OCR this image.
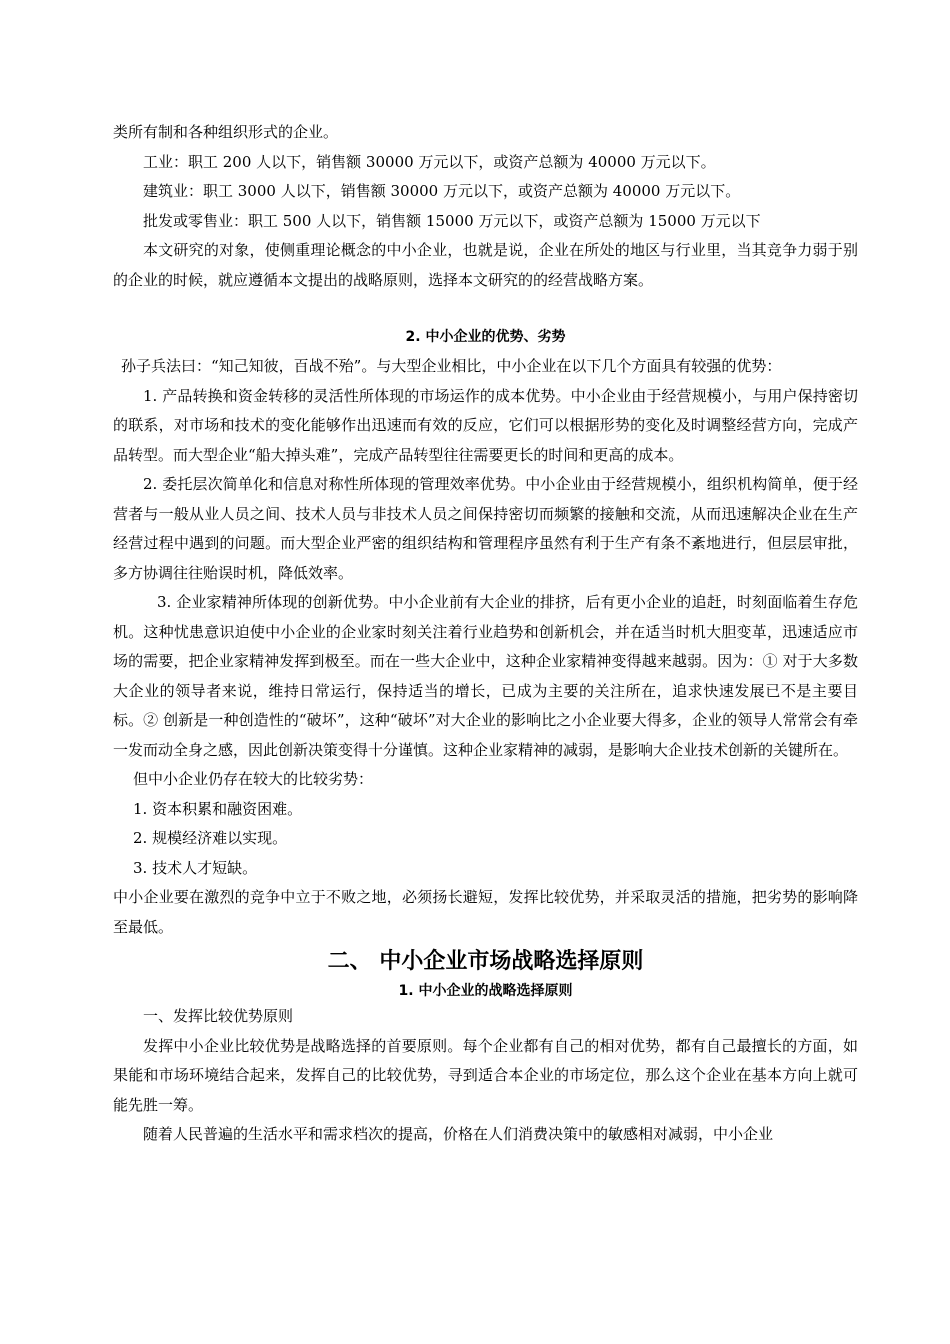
类所有制和各种组织形式的企业。

工业：职工 200 人以下，销售额 30000 万元以下，或资产总额为 40000 万元以下。

建筑业：职工 3000 人以下，销售额 30000 万元以下，或资产总额为 40000 万元以下。

批发或零售业：职工 500 人以下，销售额 15000 万元以下，或资产总额为 15000 万元以下

本文研究的对象，使侧重理论概念的中小企业，也就是说，企业在所处的地区与行业里，当其竞争力弱于别的企业的时候，就应遵循本文提出的战略原则，选择本文研究的的经营战略方案。

2. 中小企业的优势、劣势

孙子兵法曰：“知己知彼，百战不殆”。与大型企业相比，中小企业在以下几个方面具有较强的优势：

1. 产品转换和资金转移的灵活性所体现的市场运作的成本优势。中小企业由于经营规模小，与用户保持密切的联系，对市场和技术的变化能够作出迅速而有效的反应，它们可以根据形势的变化及时调整经营方向，完成产品转型。而大型企业“船大掉头难”，完成产品转型往往需要更长的时间和更高的成本。

2. 委托层次简单化和信息对称性所体现的管理效率优势。中小企业由于经营规模小，组织机构简单，便于经营者与一般从业人员之间、技术人员与非技术人员之间保持密切而频繁的接触和交流，从而迅速解决企业在生产经营过程中遇到的问题。而大型企业严密的组织结构和管理程序虽然有利于生产有条不紊地进行，但层层审批，多方协调往往贻误时机，降低效率。

3. 企业家精神所体现的创新优势。中小企业前有大企业的排挤，后有更小企业的追赶，时刻面临着生存危机。这种忧患意识迫使中小企业的企业家时刻关注着行业趋势和创新机会，并在适当时机大胆变革，迅速适应市场的需要，把企业家精神发挥到极至。而在一些大企业中，这种企业家精神变得越来越弱。因为：① 对于大多数大企业的领导者来说，维持日常运行，保持适当的增长，已成为主要的关注所在，追求快速发展已不是主要目标。② 创新是一种创造性的“破坏”，这种“破坏”对大企业的影响比之小企业要大得多，企业的领导人常常会有牵一发而动全身之感，因此创新决策变得十分谨慎。这种企业家精神的减弱，是影响大企业技术创新的关键所在。

但中小企业仍存在较大的比较劣势：

1. 资本积累和融资困难。

2. 规模经济难以实现。

3. 技术人才短缺。

中小企业要在激烈的竞争中立于不败之地，必须扬长避短，发挥比较优势，并采取灵活的措施，把劣势的影响降至最低。

二、 中小企业市场战略选择原则

1. 中小企业的战略选择原则

一、发挥比较优势原则

发挥中小企业比较优势是战略选择的首要原则。每个企业都有自己的相对优势，都有自己最擅长的方面，如果能和市场环境结合起来，发挥自己的比较优势，寻到适合本企业的市场定位，那么这个企业在基本方向上就可能先胜一筹。

随着人民普遍的生活水平和需求档次的提高，价格在人们消费决策中的敏感相对减弱，中小企业
